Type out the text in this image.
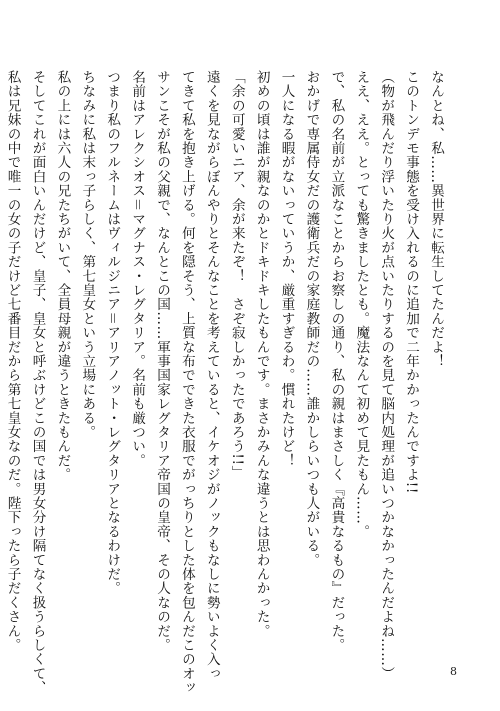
なんとね、私……異世界に転生してたんだよ！
このトンデモ事態を受け入れるのに追加で二年かかったんですよ!!
（物が飛んだり浮いたり火が点いたりするのを見て脳内処理が追いつかなかったんだよね……）
ええ、ええ。とっても驚きましたとも。魔法なんて初めて見たもん……。
で、私の名前が立派なことからお察しの通り、私の親はまさしく『高貴なるもの』だった。
おかげで専属侍女だの護衛兵だの家庭教師だの……誰かしらいつも人がいる。
一人になる暇がないっていうか、厳重すぎるわ。慣れたけど！
初めの頃は誰が親なのかとドキドキしたもんです。まさかみんな違うとは思わんかった。
「余の可愛いニア、余が来たぞ！　さぞ寂しかったであろう!!」
遠くを見ながらぼんやりとそんなことを考えていると、イケオジがノックもなしに勢いよく入っ
てきて私を抱き上げる。何を隠そう、上質な布でできた衣服でがっちりとした体を包んだこのオッ
サンこそが私の父親で、なんとこの国……軍事国家レグタリア帝国の皇帝、その人なのだ。
名前はアレクシオス＝マグナス・レグタリア。名前も厳つい。
つまり私のフルネームはヴィルジニア＝アリアノット・レグタリアとなるわけだ。
ちなみに私は末っ子らしく、第七皇女という立場にある。
私の上には六人の兄たちがいて、全員母親が違うときたもんだ。
そしてこれが面白いんだけど、皇子、皇女と呼ぶけどこの国では男女分け隔てなく扱うらしくて、
私は兄妹の中で唯一の女の子だけど七番目だから第七皇女なのだ。陛下ったら子だくさん。
8
